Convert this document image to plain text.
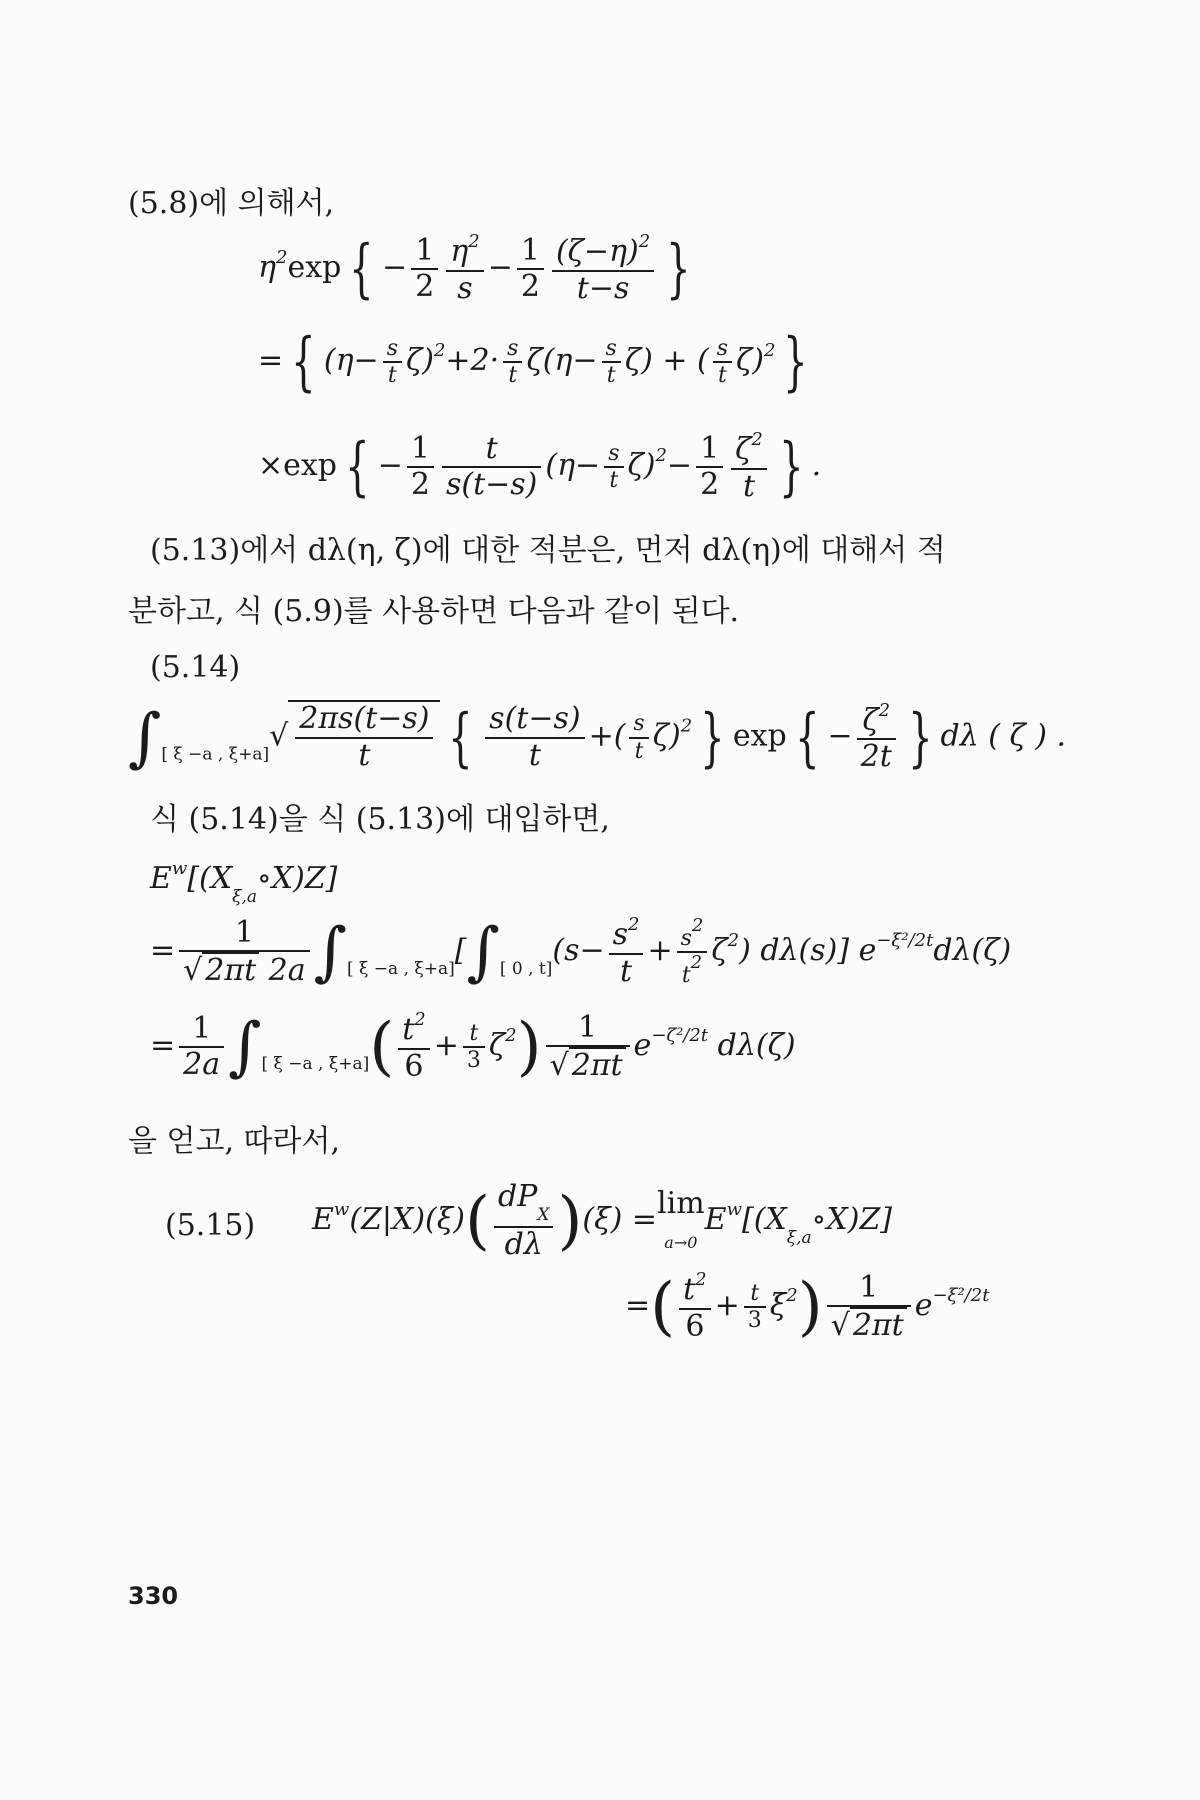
(5.8)에 의해서,
$\eta^2\exp$ { − $\frac{1}{2} \frac{\eta^2}{s} - \frac{1}{2} \frac{(\zeta-\eta)^2}{t-s}$ }
= { $(\eta- \frac{s}{t} \zeta)^2+2\cdot \frac{s}{t} \zeta(\eta- \frac{s}{t} \zeta)$ + ( $\frac{s}{t} \zeta)^2$ }
×exp { − $\frac{1}{2} \frac{t}{s(t-s)} (\eta- \frac{s}{t} \zeta)^2- \frac{1}{2} \frac{\zeta^2}{t}$ } .
(5.13)에서 dλ(η, ζ)에 대한 적분은, 먼저 dλ(η)에 대해서 적
분하고, 식 (5.9)를 사용하면 다음과 같이 된다.
(5.14)
$\int_{[ \xi -a , \xi+a]}√ \frac{2\pi s(t-s)}{t}$ { $\frac{s(t-s)}{t}$ +( $\frac{s}{t} \zeta)^2$ } exp { − $\frac{\zeta^2}{2t}$ } dλ ( ζ ) .
식 (5.14)을 식 (5.13)에 대입하면,
$E^w[(X_{\xi,a}\circ X)Z]$
= $\frac{1}{√ 2\pi t 2a} \int_{[ \xi -a , \xi+a]}[\int_{[ 0 , t]}(s- \frac{s^2}{t} + \frac{s^2}{t^2} \zeta^2)$ dλ(s)] $e^{-\xi^2/2t}d\lambda(\zeta)$
= $\frac{1}{2a} \int_{[ \xi -a , \xi+a]}( \frac{t^2}{6} + \frac{t}{3} \zeta^2) \frac{1}{√ 2\pi t} e^{-\zeta^2/2t}$ dλ(ζ)
을 얻고, 따라서,
(5.15) $E^w(Z|X)(\xi)( \frac{dP_X}{d\lambda} )(\xi) =\lim$
$a\to 0E^w[(X_{\xi,a}\circ X)Z]$
=( $\frac{t^2}{6} + \frac{t}{3} \xi^2) \frac{1}{√ 2\pi t} e^{-\xi^2/2t}$
330
